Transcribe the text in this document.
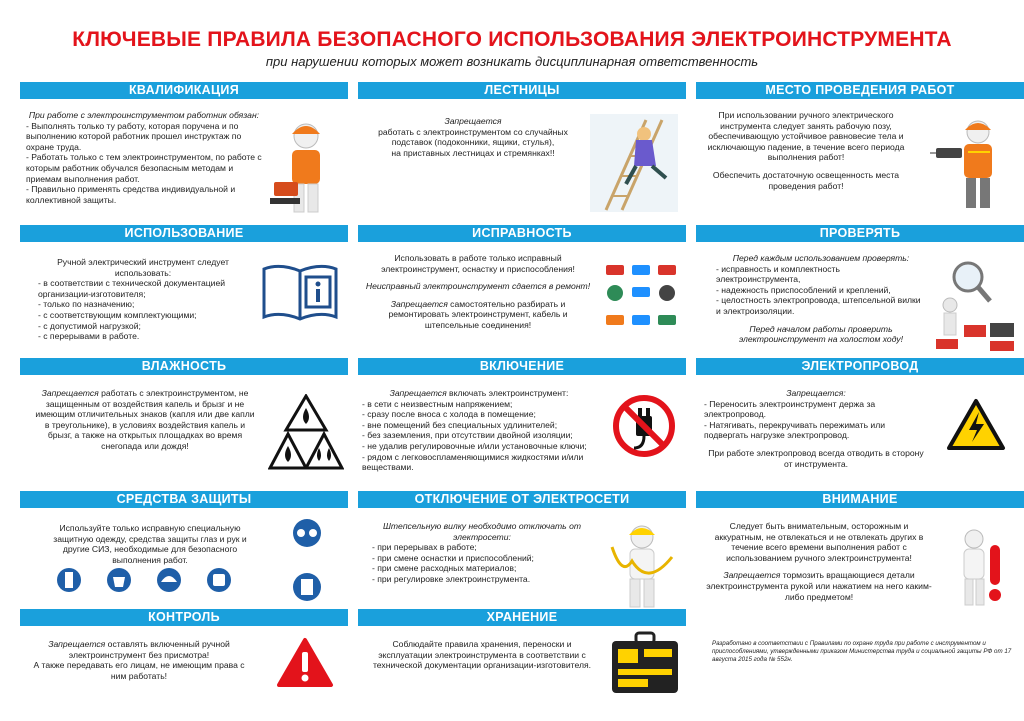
КЛЮЧЕВЫЕ ПРАВИЛА БЕЗОПАСНОГО ИСПОЛЬЗОВАНИЯ ЭЛЕКТРОИНСТРУМЕНТА
при нарушении которых может возникать дисциплинарная ответственность
КВАЛИФИКАЦИЯ
При работе с электроинструментом работник обязан:
- Выполнять только ту работу, которая поручена и по выполнению которой работник прошел инструктаж по охране труда.
- Работать только с тем электроинструментом, по работе с которым работник обучался безопасным методам и приемам выполнения работ.
- Правильно применять средства индивидуальной и коллективной защиты.
ЛЕСТНИЦЫ
Запрещается
работать с электроинструментом со случайных подставок (подоконники, ящики, стулья),
на приставных лестницах и стремянках!!
МЕСТО ПРОВЕДЕНИЯ РАБОТ
При использовании ручного электрического инструмента следует занять рабочую позу, обеспечивающую устойчивое равновесие тела и исключающую падение, в течение всего периода выполнения работ!
Обеспечить достаточную освещенность места проведения работ!
ИСПОЛЬЗОВАНИЕ
Ручной электрический инструмент следует использовать:
- в соответствии с технической документацией организации-изготовителя;
- только по назначению;
- с соответствующим комплектующими;
- с допустимой нагрузкой;
- с перерывами в работе.
ИСПРАВНОСТЬ
Использовать в работе только исправный электроинструмент, оснастку и приспособления!
Неисправный электроинструмент сдается в ремонт!
Запрещается самостоятельно разбирать и ремонтировать электроинструмент, кабель и штепсельные соединения!
ПРОВЕРЯТЬ
Перед каждым использованием проверять:
- исправность и комплектность электроинструмента,
- надежность приспособлений и креплений,
- целостность электропровода, штепсельной вилки и электроизоляции.
Перед началом работы проверить электроинструмент на холостом ходу!
ВЛАЖНОСТЬ
Запрещается работать с электроинструментом, не защищенным от воздействия капель и брызг и не имеющим отличительных знаков (капля или две капли в треугольнике), в условиях воздействия капель и брызг, а также на открытых площадках во время снегопада или дождя!
ВКЛЮЧЕНИЕ
Запрещается включать электроинструмент:
- в сети с неизвестным напряжением;
- сразу после вноса с холода в помещение;
- вне помещений без специальных удлинителей;
- без заземления, при отсутствии двойной изоляции;
- не удалив регулировочные и/или установочные ключи;
- рядом с легковоспламеняющимися жидкостями и/или веществами.
ЭЛЕКТРОПРОВОД
Запрещается:
- Переносить электроинструмент держа за электропровод.
- Натягивать, перекручивать пережимать или подвергать нагрузке электропровод.
При работе электропровод всегда отводить в сторону от инструмента.
СРЕДСТВА ЗАЩИТЫ
Используйте только исправную специальную защитную одежду, средства защиты глаз и рук и другие СИЗ, необходимые для безопасного выполнения работ.
ОТКЛЮЧЕНИЕ ОТ ЭЛЕКТРОСЕТИ
Штепсельную вилку необходимо отключать от электросети:
- при перерывах в работе;
- при смене оснастки и приспособлений;
- при смене расходных материалов;
- при регулировке электроинструмента.
ВНИМАНИЕ
Следует быть внимательным, осторожным и аккуратным, не отвлекаться и не отвлекать других в течение всего времени выполнения работ с использованием ручного электроинструмента!
Запрещается тормозить вращающиеся детали электроинструмента рукой или нажатием на него каким-либо предметом!
КОНТРОЛЬ
Запрещается оставлять включенный ручной электроинструмент без присмотра!
А также передавать его лицам, не имеющим права с ним работать!
ХРАНЕНИЕ
Соблюдайте правила хранения, переноски и эксплуатации электроинструмента в соответствии с технической документации организации-изготовителя.
Разработано в соответствии с Правилами по охране труда при работе с инструментом и приспособлениями, утвержденными приказом Министерства труда и социальной защиты РФ от 17 августа 2015 года № 552н.
